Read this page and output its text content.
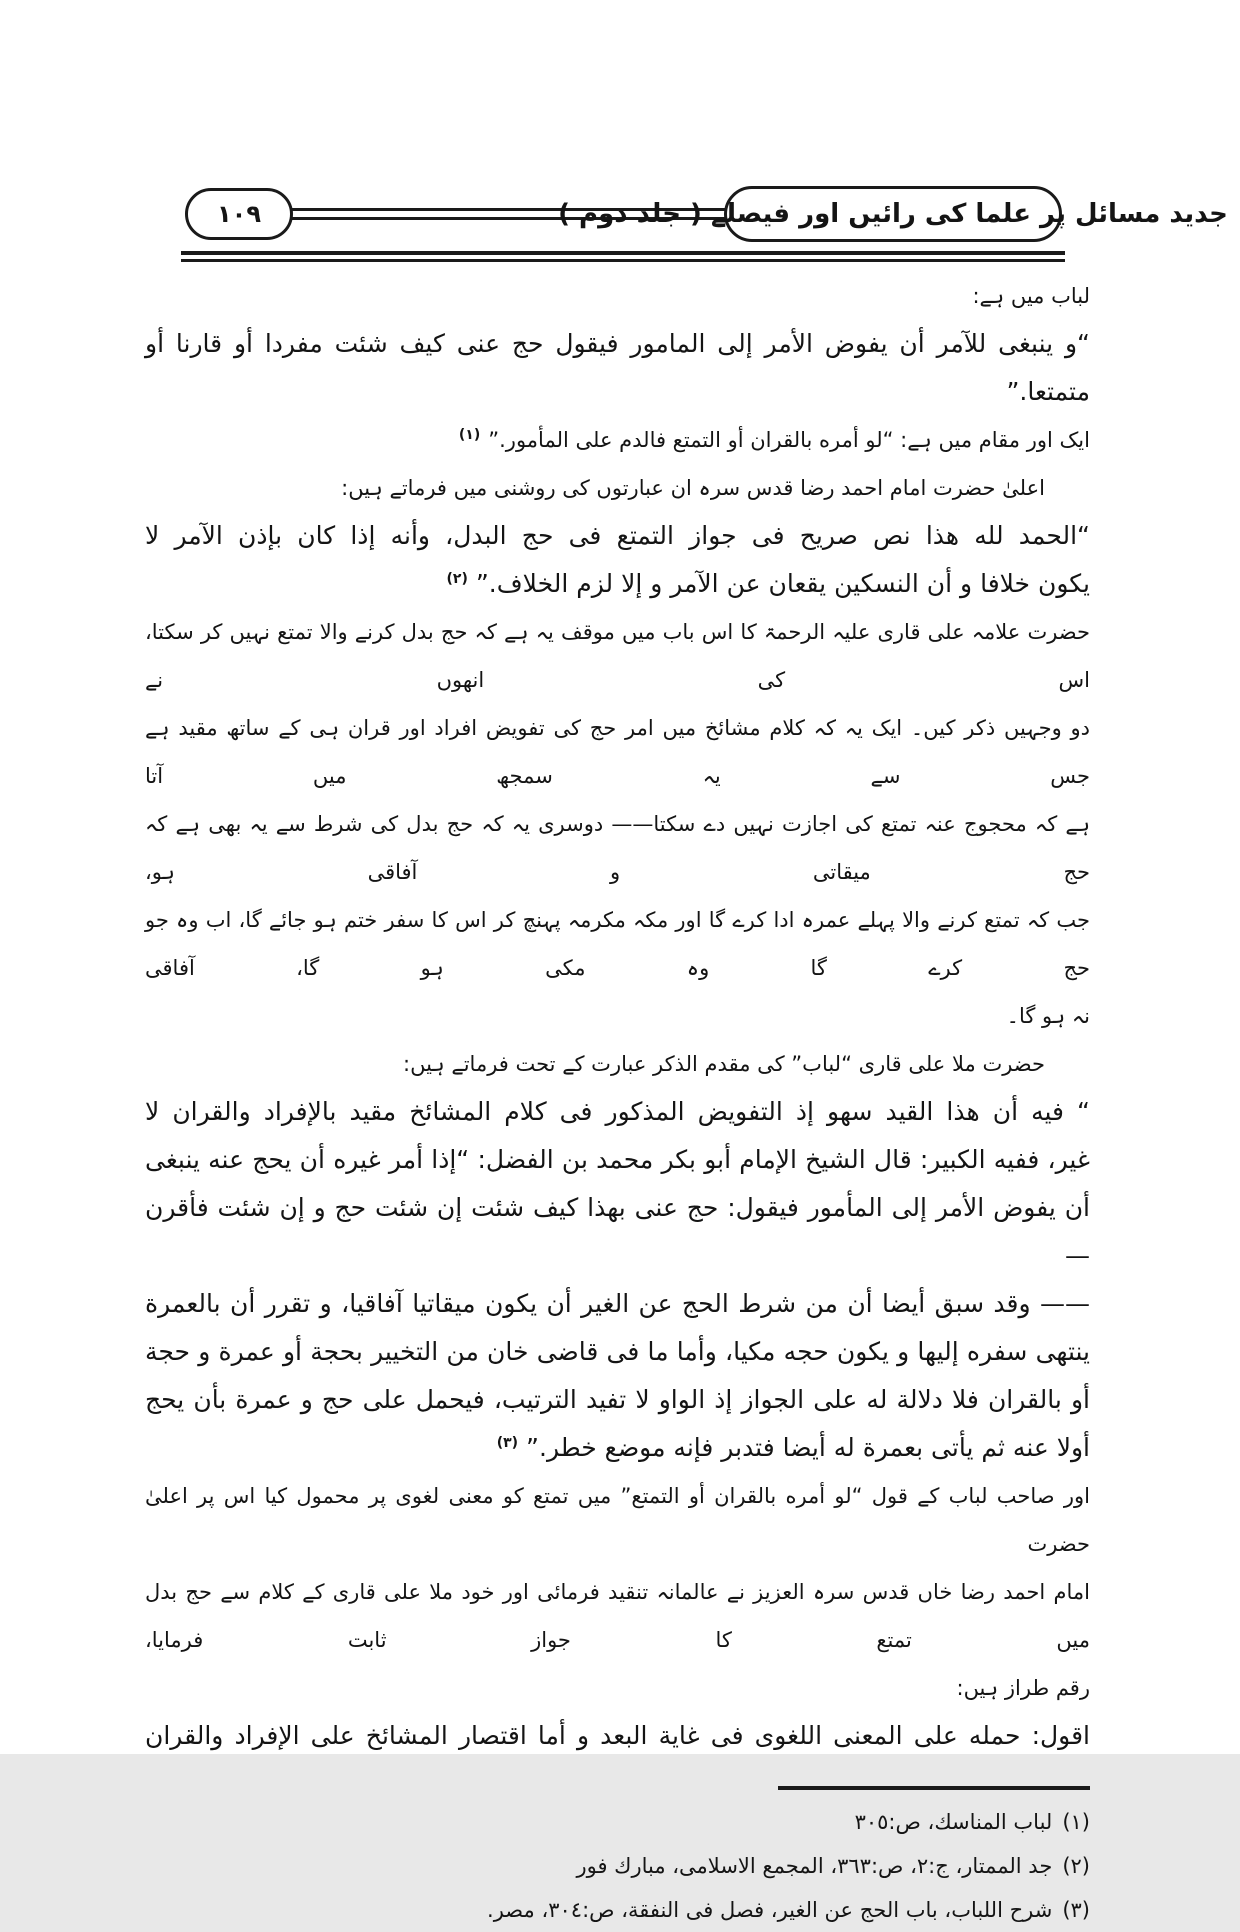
۱۰۹	جدید مسائل پر علما کی رائیں اور فیصلے ( جلد دوم )
لباب میں ہے:
“و ينبغى للآمر أن يفوض الأمر إلى المامور فيقول حج عنى كيف شئت مفردا أو قارنا أو متمتعا.”
ایک اور مقام میں ہے: “لو أمره بالقران أو التمتع فالدم على المأمور.”$^{(١)}$
اعلیٰ حضرت امام احمد رضا قدس سرہ ان عبارتوں کی روشنی میں فرماتے ہیں:
“الحمد لله هذا نص صريح فى جواز التمتع فى حج البدل، وأنه إذا كان بإذن الآمر لا
يكون خلافا و أن النسكين يقعان عن الآمر و إلا لزم الخلاف.”$^{(٢)}$
حضرت علامہ علی قاری علیہ الرحمۃ کا اس باب میں موقف یہ ہے کہ حج بدل کرنے والا تمتع نہیں کر سکتا، اس کی انھوں نے
دو وجہیں ذکر کیں۔ ایک یہ کہ کلام مشائخ میں امر حج کی تفویض افراد اور قران ہی کے ساتھ مقید ہے جس سے یہ سمجھ میں آتا
ہے کہ محجوج عنہ تمتع کی اجازت نہیں دے سکتا—— دوسری یہ کہ حج بدل کی شرط سے یہ بھی ہے کہ حج میقاتی و آفاقی ہو،
جب کہ تمتع کرنے والا پہلے عمرہ ادا کرے گا اور مکہ مکرمہ پہنچ کر اس کا سفر ختم ہو جائے گا، اب وہ جو حج کرے گا وہ مکی ہو گا، آفاقی
نہ ہو گا۔
حضرت ملا علی قاری “لباب” کی مقدم الذکر عبارت کے تحت فرماتے ہیں:
“ فيه أن هذا القيد سهو إذ التفويض المذكور فى كلام المشائخ مقيد بالإفراد والقران لا
غير، ففيه الكبير: قال الشيخ الإمام أبو بكر محمد بن الفضل: “إذا أمر غيره أن يحج عنه ينبغى
أن يفوض الأمر إلى المأمور فيقول: حج عنى بهذا كيف شئت إن شئت حج و إن شئت فأقرن —
—— وقد سبق أيضا أن من شرط الحج عن الغير أن يكون ميقاتيا آفاقيا، و تقرر أن بالعمرة
ينتهى سفره إليها و يكون حجه مكيا، وأما ما فى قاضى خان من التخيير بحجة أو عمرة و حجة
أو بالقران فلا دلالة له على الجواز إذ الواو لا تفيد الترتيب، فيحمل على حج و عمرة بأن يحج
أولا عنه ثم يأتى بعمرة له أيضا فتدبر فإنه موضع خطر.”$^{(٣)}$
اور صاحب لباب کے قول “لو أمره بالقران أو التمتع” میں تمتع کو معنی لغوی پر محمول کیا اس پر اعلیٰ حضرت
امام احمد رضا خاں قدس سرہ العزیز نے عالمانہ تنقید فرمائی اور خود ملا علی قاری کے کلام سے حج بدل میں تمتع کا جواز ثابت فرمایا،
رقم طراز ہیں:
اقول: حمله على المعنى اللغوى فى غاية البعد و أما اقتصار المشائخ على الإفراد والقران
(١)لباب المناسك، ص:٣٠٥
(٢)جد الممتار، ج:٢، ص:٣٦٣، المجمع الاسلامى، مبارك فور
(٣)شرح اللباب، باب الحج عن الغير، فصل فى النفقة، ص:٣٠٤، مصر.
